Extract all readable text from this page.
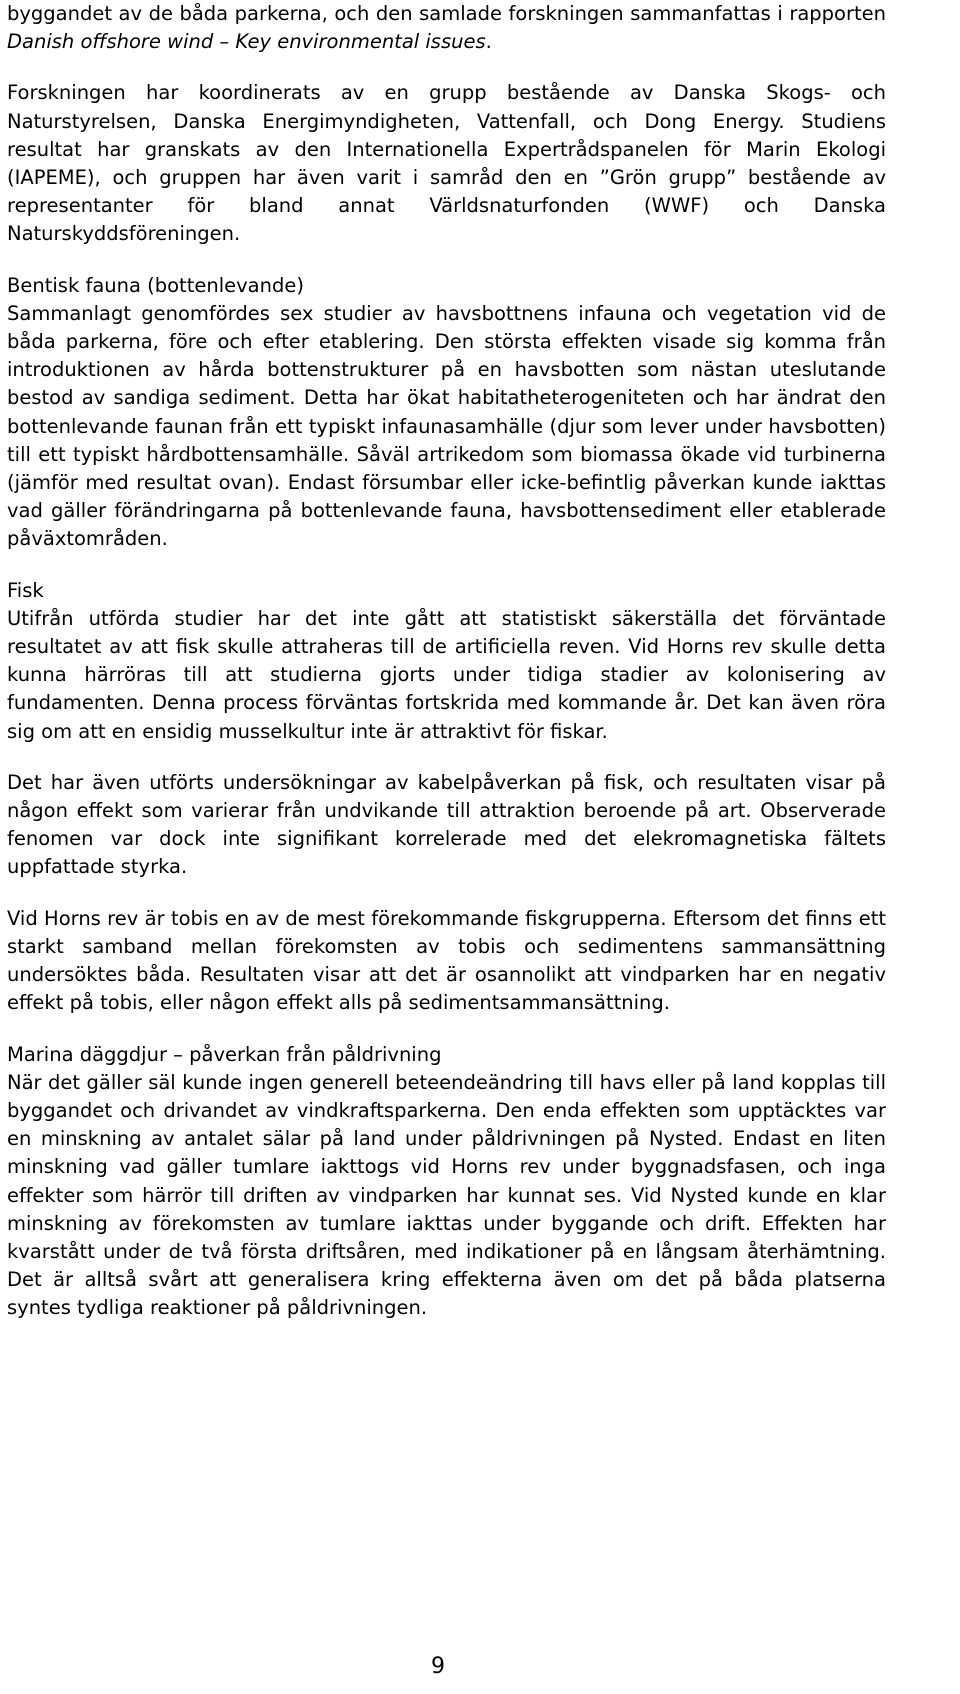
byggandet av de båda parkerna, och den samlade forskningen sammanfattas i rapporten Danish offshore wind – Key environmental issues.

Forskningen har koordinerats av en grupp bestående av Danska Skogs- och Naturstyrelsen, Danska Energimyndigheten, Vattenfall, och Dong Energy. Studiens resultat har granskats av den Internationella Expertrådspanelen för Marin Ekologi (IAPEME), och gruppen har även varit i samråd den en ”Grön grupp” bestående av representanter för bland annat Världsnaturfonden (WWF) och Danska Naturskyddsföreningen.

Bentisk fauna (bottenlevande)
Sammanlagt genomfördes sex studier av havsbottnens infauna och vegetation vid de båda parkerna, före och efter etablering. Den största effekten visade sig komma från introduktionen av hårda bottenstrukturer på en havsbotten som nästan uteslutande bestod av sandiga sediment. Detta har ökat habitatheterogeniteten och har ändrat den bottenlevande faunan från ett typiskt infaunasamhälle (djur som lever under havsbotten) till ett typiskt hårdbottensamhälle. Såväl artrikedom som biomassa ökade vid turbinerna (jämför med resultat ovan). Endast försumbar eller icke-befintlig påverkan kunde iakttas vad gäller förändringarna på bottenlevande fauna, havsbottensediment eller etablerade påväxtområden.

Fisk
Utifrån utförda studier har det inte gått att statistiskt säkerställa det förväntade resultatet av att fisk skulle attraheras till de artificiella reven. Vid Horns rev skulle detta kunna härröras till att studierna gjorts under tidiga stadier av kolonisering av fundamenten. Denna process förväntas fortskrida med kommande år. Det kan även röra sig om att en ensidig musselkultur inte är attraktivt för fiskar.

Det har även utförts undersökningar av kabelpåverkan på fisk, och resultaten visar på någon effekt som varierar från undvikande till attraktion beroende på art. Observerade fenomen var dock inte signifikant korrelerade med det elekromagnetiska fältets uppfattade styrka.

Vid Horns rev är tobis en av de mest förekommande fiskgrupperna. Eftersom det finns ett starkt samband mellan förekomsten av tobis och sedimentens sammansättning undersöktes båda. Resultaten visar att det är osannolikt att vindparken har en negativ effekt på tobis, eller någon effekt alls på sedimentsammansättning.

Marina däggdjur – påverkan från påldrivning
När det gäller säl kunde ingen generell beteendeändring till havs eller på land kopplas till byggandet och drivandet av vindkraftsparkerna. Den enda effekten som upptäcktes var en minskning av antalet sälar på land under påldrivningen på Nysted. Endast en liten minskning vad gäller tumlare iakttogs vid Horns rev under byggnadsfasen, och inga effekter som härrör till driften av vindparken har kunnat ses. Vid Nysted kunde en klar minskning av förekomsten av tumlare iakttas under byggande och drift. Effekten har kvarstått under de två första driftsåren, med indikationer på en långsam återhämtning. Det är alltså svårt att generalisera kring effekterna även om det på båda platserna syntes tydliga reaktioner på påldrivningen.

9
